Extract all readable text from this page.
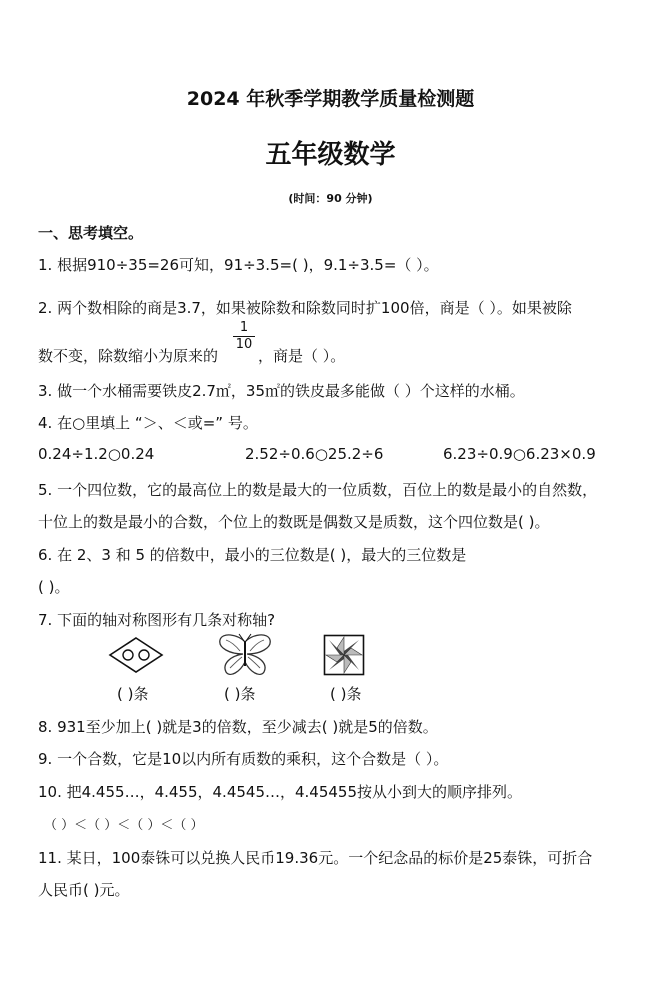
2024 年秋季学期教学质量检测题
五年级数学
(时间：90 分钟)
一、思考填空。
1. 根据910÷35=26可知，91÷3.5=( )，9.1÷3.5=（ ）。
2. 两个数相除的商是3.7，如果被除数和除数同时扩100倍，商是（ ）。如果被除
数不变，除数缩小为原来的
$\frac{1}{10}$
，商是（ ）。
3. 做一个水桶需要铁皮2.7㎡，35㎡的铁皮最多能做（ ）个这样的水桶。
4. 在○里填上 “＞、＜或=” 号。
0.24÷1.2○0.24	2.52÷0.6○25.2÷6	6.23÷0.9○6.23×0.9
5. 一个四位数，它的最高位上的数是最大的一位质数，百位上的数是最小的自然数，
十位上的数是最小的合数，个位上的数既是偶数又是质数，这个四位数是( )。
6. 在 2、3 和 5 的倍数中，最小的三位数是( )，最大的三位数是
( )。
7. 下面的轴对称图形有几条对称轴?
( )条	( )条	( )条
8. 931至少加上( )就是3的倍数，至少减去( )就是5的倍数。
9. 一个合数，它是10以内所有质数的乘积，这个合数是（ ）。
10. 把4.455…，4.455，4.4545…，4.45455按从小到大的顺序排列。
（ ）＜（ ）＜（ ）＜（ ）
11. 某日，100泰铢可以兑换人民币19.36元。一个纪念品的标价是25泰铢，可折合
人民币( )元。
